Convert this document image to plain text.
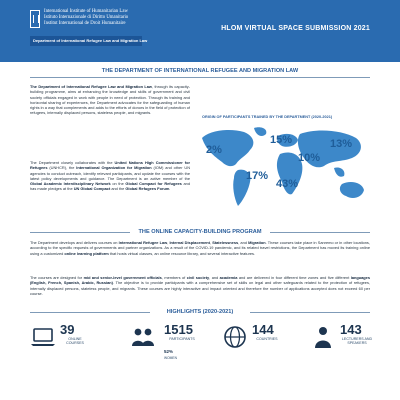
International Institute of Humanitarian Law
Istituto Internazionale di Diritto Umanitario
Institut International de Droit Humanitaire
Department of International Refugee Law and Migration Law
HLOM VIRTUAL SPACE SUBMISSION 2021
THE DEPARTMENT OF INTERNATIONAL REFUGEE AND MIGRATION LAW
The Department of International Refugee Law and Migration Law, through its capacity-building programme, aims at enhancing the knowledge and skills of government and civil society officials engaged in work with people in need of protection. Through its training and horizontal sharing of experiences, the Department advocates for the safeguarding of human rights in a way that complements and adds to the efforts of donors in the field of protection of refugees, internally displaced persons, stateless people, and migrants.
The Department closely collaborates with the United Nations High Commissioner for Refugees (UNHCR), the International Organization for Migration (IOM) and other UN agencies to conduct outreach, identify relevant participants, and update the courses with the latest policy developments and guidance. The Department is an active member of the Global Academic Interdisciplinary Network on the Global Compact for Refugees and has made pledges at the UN Global Compact and the Global Refugees Forum.
ORIGIN OF PARTICIPANTS TRAINED BY THE DEPARTMENT (2020-2021)
2%
15%	13%
10%
17%
43%
THE ONLINE CAPACITY-BUILDING PROGRAM
The Department develops and delivers courses on International Refugee Law, Internal Displacement, Statelessness, and Migration. These courses take place in Sanremo or in other locations, according to the specific requests of governments and partner organizations. As a result of the COVID-19 pandemic, and its related travel restrictions, the Department has moved its training online using a customized online learning platform that hosts virtual classes, an online resource library, and several interactive features.
The courses are designed for mid and senior-level government officials, members of civil society, and academia and are delivered in four different time zones and five different languages (English, French, Spanish, Arabic, Russian). The objective is to provide participants with a comprehensive set of skills on legal and other safeguards related to the protection of refugees, internally displaced persons, stateless people, and migrants. These courses are highly interactive and impact oriented and therefore the number of applications accepted does not exceed 60 per course.
HIGHLIGHTS (2020-2021)
39
ONLINE COURSES
1515
PARTICIPANTS
52%
WOMEN
144
COUNTRIES
143
LECTURERS AND SPEAKERS
